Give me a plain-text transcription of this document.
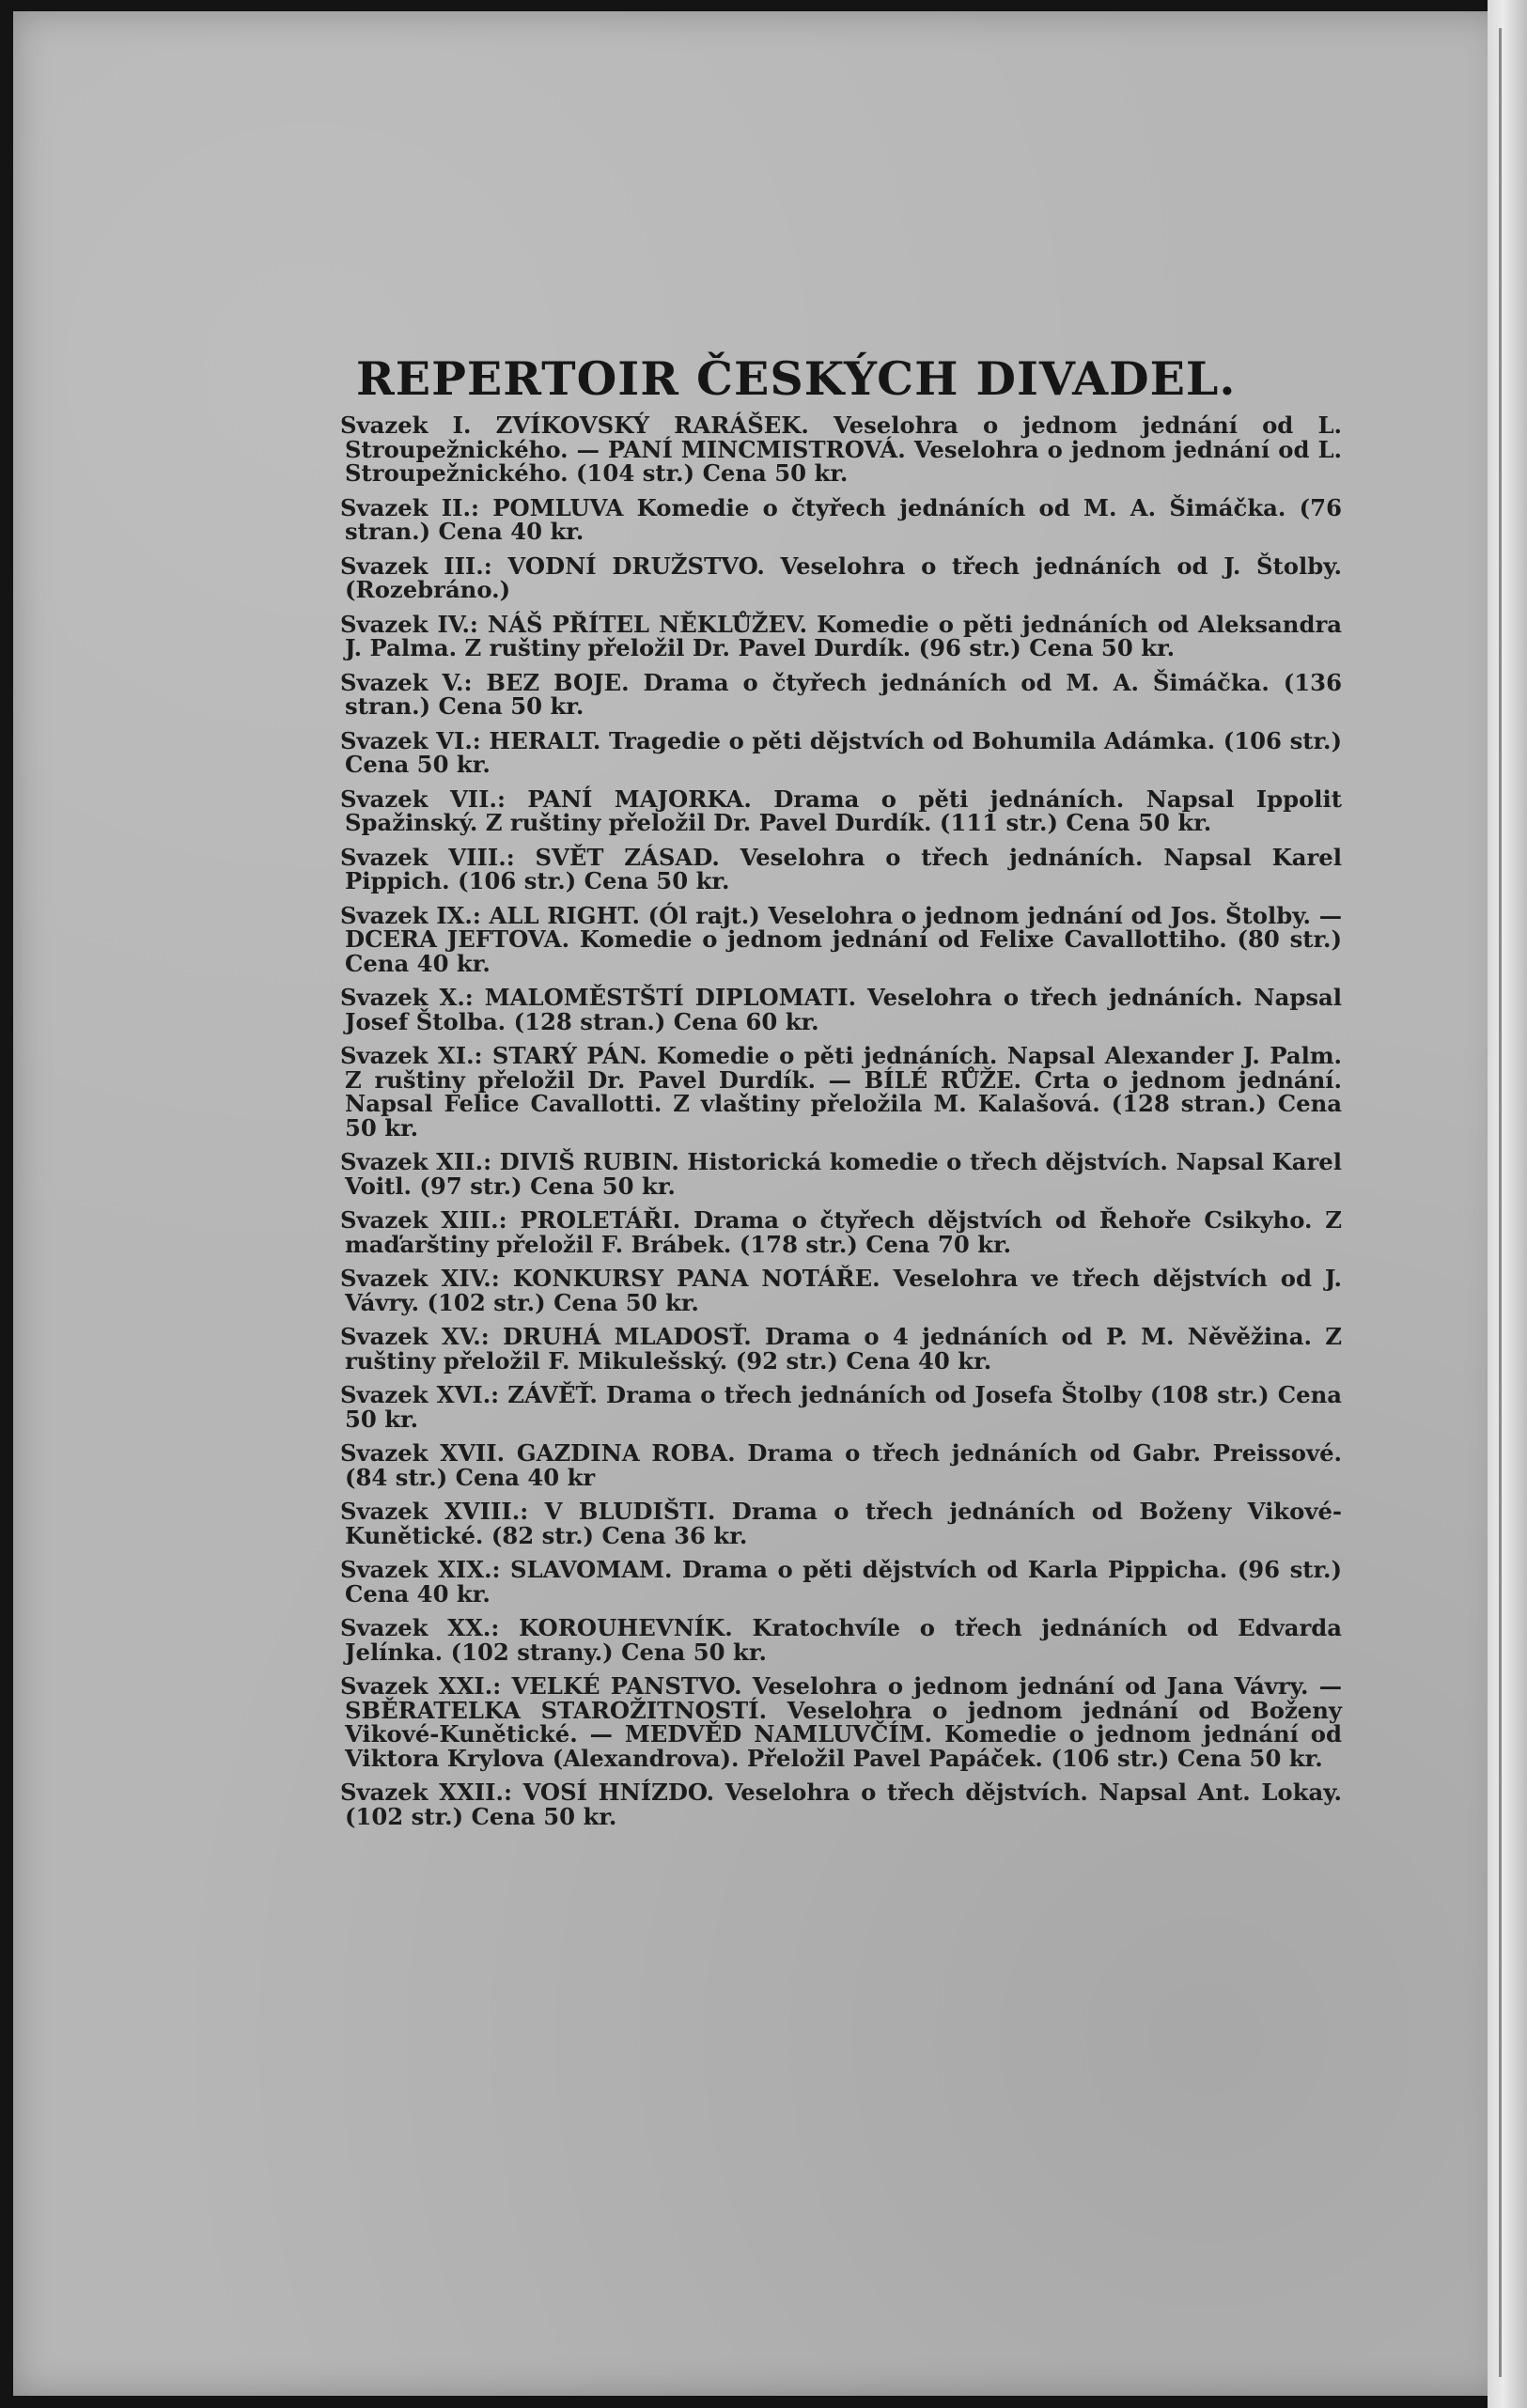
REPERTOIR ČESKÝCH DIVADEL.

Svazek I. ZVÍKOVSKÝ RARÁŠEK. Veselohra o jednom jednání od L. Stroupežnického. — PANÍ MINCMISTROVÁ. Veselohra o jednom jednání od L. Stroupežnického. (104 str.) Cena 50 kr.

Svazek II.: POMLUVA Komedie o čtyřech jednáních od M. A. Šimáčka. (76 stran.) Cena 40 kr.

Svazek III.: VODNÍ DRUŽSTVO. Veselohra o třech jednáních od J. Štolby. (Rozebráno.)

Svazek IV.: NÁŠ PŘÍTEL NĚKLŮŽEV. Komedie o pěti jednáních od Aleksandra J. Palma. Z ruštiny přeložil Dr. Pavel Durdík. (96 str.) Cena 50 kr.

Svazek V.: BEZ BOJE. Drama o čtyřech jednáních od M. A. Šimáčka. (136 stran.) Cena 50 kr.

Svazek VI.: HERALT. Tragedie o pěti dějstvích od Bohumila Adámka. (106 str.) Cena 50 kr.

Svazek VII.: PANÍ MAJORKA. Drama o pěti jednáních. Napsal Ippolit Spažinský. Z ruštiny přeložil Dr. Pavel Durdík. (111 str.) Cena 50 kr.

Svazek VIII.: SVĚT ZÁSAD. Veselohra o třech jednáních. Napsal Karel Pippich. (106 str.) Cena 50 kr.

Svazek IX.: ALL RIGHT. (Ól rajt.) Veselohra o jednom jednání od Jos. Štolby. — DCERA JEFTOVA. Komedie o jednom jednání od Felixe Cavallottiho. (80 str.) Cena 40 kr.

Svazek X.: MALOMĚSTŠTÍ DIPLOMATI. Veselohra o třech jednáních. Napsal Josef Štolba. (128 stran.) Cena 60 kr.

Svazek XI.: STARÝ PÁN. Komedie o pěti jednáních. Napsal Alexander J. Palm. Z ruštiny přeložil Dr. Pavel Durdík. — BÍLÉ RŮŽE. Crta o jednom jednání. Napsal Felice Cavallotti. Z vlaštiny přeložila M. Kalašová. (128 stran.) Cena 50 kr.

Svazek XII.: DIVIŠ RUBIN. Historická komedie o třech dějstvích. Napsal Karel Voitl. (97 str.) Cena 50 kr.

Svazek XIII.: PROLETÁŘI. Drama o čtyřech dějstvích od Řehoře Csikyho. Z maďarštiny přeložil F. Brábek. (178 str.) Cena 70 kr.

Svazek XIV.: KONKURSY PANA NOTÁŘE. Veselohra ve třech dějstvích od J. Vávry. (102 str.) Cena 50 kr.

Svazek XV.: DRUHÁ MLADOSŤ. Drama o 4 jednáních od P. M. Něvěžina. Z ruštiny přeložil F. Mikulešský. (92 str.) Cena 40 kr.

Svazek XVI.: ZÁVĚŤ. Drama o třech jednáních od Josefa Štolby (108 str.) Cena 50 kr.

Svazek XVII. GAZDINA ROBA. Drama o třech jednáních od Gabr. Preissové. (84 str.) Cena 40 kr

Svazek XVIII.: V BLUDIŠTI. Drama o třech jednáních od Boženy Vikové-Kunětické. (82 str.) Cena 36 kr.

Svazek XIX.: SLAVOMAM. Drama o pěti dějstvích od Karla Pippicha. (96 str.) Cena 40 kr.

Svazek XX.: KOROUHEVNÍK. Kratochvíle o třech jednáních od Edvarda Jelínka. (102 strany.) Cena 50 kr.

Svazek XXI.: VELKÉ PANSTVO. Veselohra o jednom jednání od Jana Vávry. — SBĚRATELKA STAROŽITNOSTÍ. Veselohra o jednom jednání od Boženy Vikové-Kunětické. — MEDVĚD NAMLUVČÍM. Komedie o jednom jednání od Viktora Krylova (Alexandrova). Přeložil Pavel Papáček. (106 str.) Cena 50 kr.

Svazek XXII.: VOSÍ HNÍZDO. Veselohra o třech dějstvích. Napsal Ant. Lokay. (102 str.) Cena 50 kr.
